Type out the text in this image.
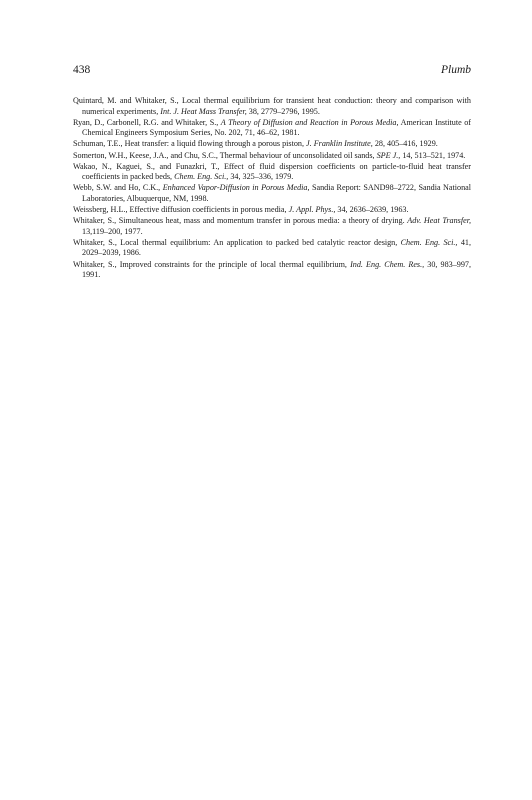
438	Plumb
Quintard, M. and Whitaker, S., Local thermal equilibrium for transient heat conduction: theory and comparison with numerical experiments, Int. J. Heat Mass Transfer, 38, 2779–2796, 1995.
Ryan, D., Carbonell, R.G. and Whitaker, S., A Theory of Diffusion and Reaction in Porous Media, American Institute of Chemical Engineers Symposium Series, No. 202, 71, 46–62, 1981.
Schuman, T.E., Heat transfer: a liquid flowing through a porous piston, J. Franklin Institute, 28, 405–416, 1929.
Somerton, W.H., Keese, J.A., and Chu, S.C., Thermal behaviour of unconsolidated oil sands, SPE J., 14, 513–521, 1974.
Wakao, N., Kaguei, S., and Funazkri, T., Effect of fluid dispersion coefficients on particle-to-fluid heat transfer coefficients in packed beds, Chem. Eng. Sci., 34, 325–336, 1979.
Webb, S.W. and Ho, C.K., Enhanced Vapor-Diffusion in Porous Media, Sandia Report: SAND98–2722, Sandia National Laboratories, Albuquerque, NM, 1998.
Weissberg, H.L., Effective diffusion coefficients in porous media, J. Appl. Phys., 34, 2636–2639, 1963.
Whitaker, S., Simultaneous heat, mass and momentum transfer in porous media: a theory of drying. Adv. Heat Transfer, 13,119–200, 1977.
Whitaker, S., Local thermal equilibrium: An application to packed bed catalytic reactor design, Chem. Eng. Sci., 41, 2029–2039, 1986.
Whitaker, S., Improved constraints for the principle of local thermal equilibrium, Ind. Eng. Chem. Res., 30, 983–997, 1991.
